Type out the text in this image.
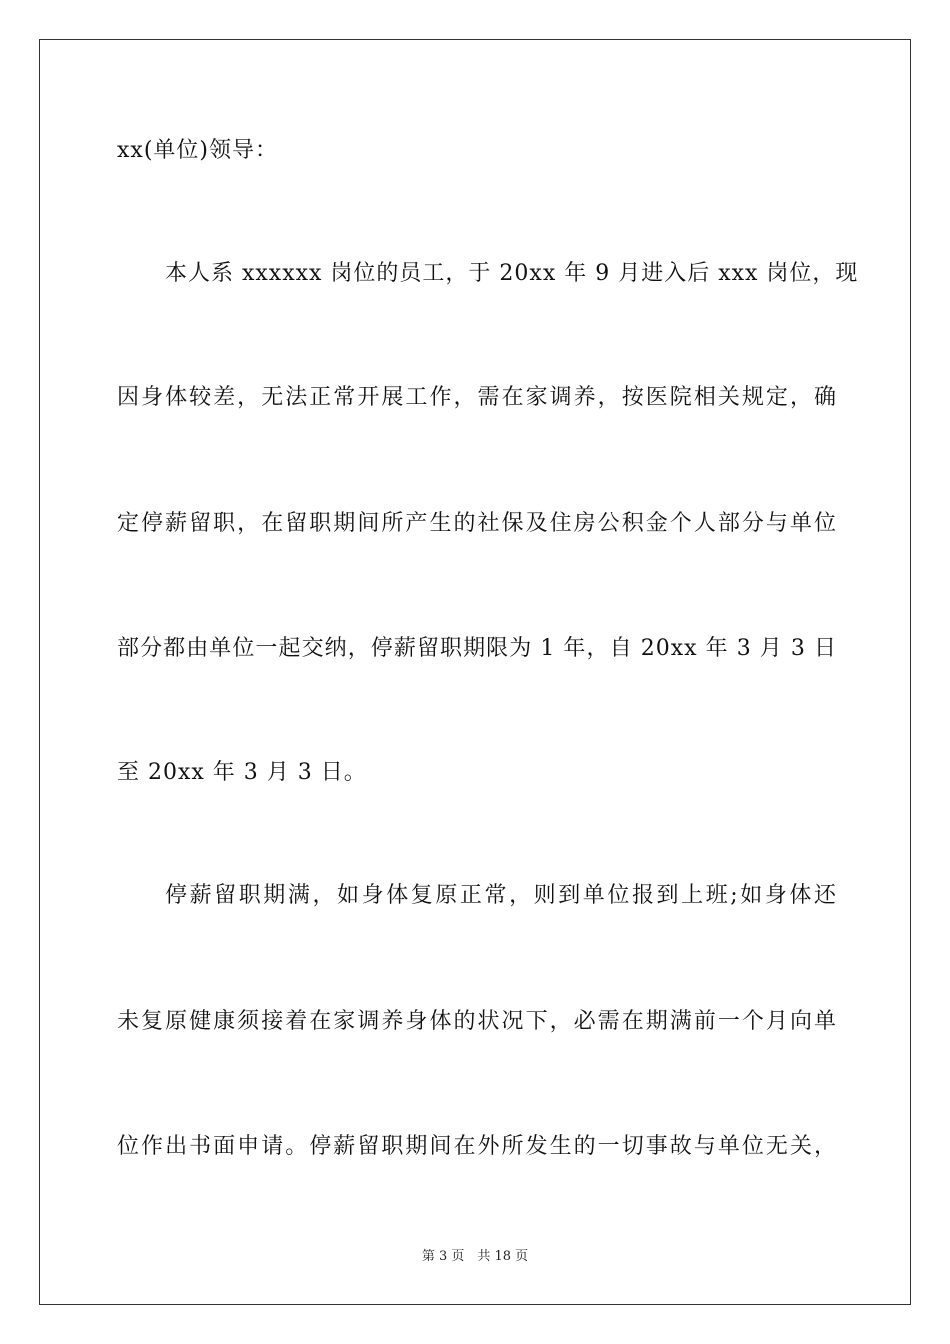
xx(单位)领导：
本人系 xxxxxx 岗位的员工，于 20xx 年 9 月进入后 xxx 岗位，现
因身体较差，无法正常开展工作，需在家调养，按医院相关规定，确
定停薪留职，在留职期间所产生的社保及住房公积金个人部分与单位
部分都由单位一起交纳，停薪留职期限为 1 年，自 20xx 年 3 月 3 日
至 20xx 年 3 月 3 日。
停薪留职期满，如身体复原正常，则到单位报到上班;如身体还
未复原健康须接着在家调养身体的状况下，必需在期满前一个月向单
位作出书面申请。停薪留职期间在外所发生的一切事故与单位无关，
第 3 页　共 18 页
